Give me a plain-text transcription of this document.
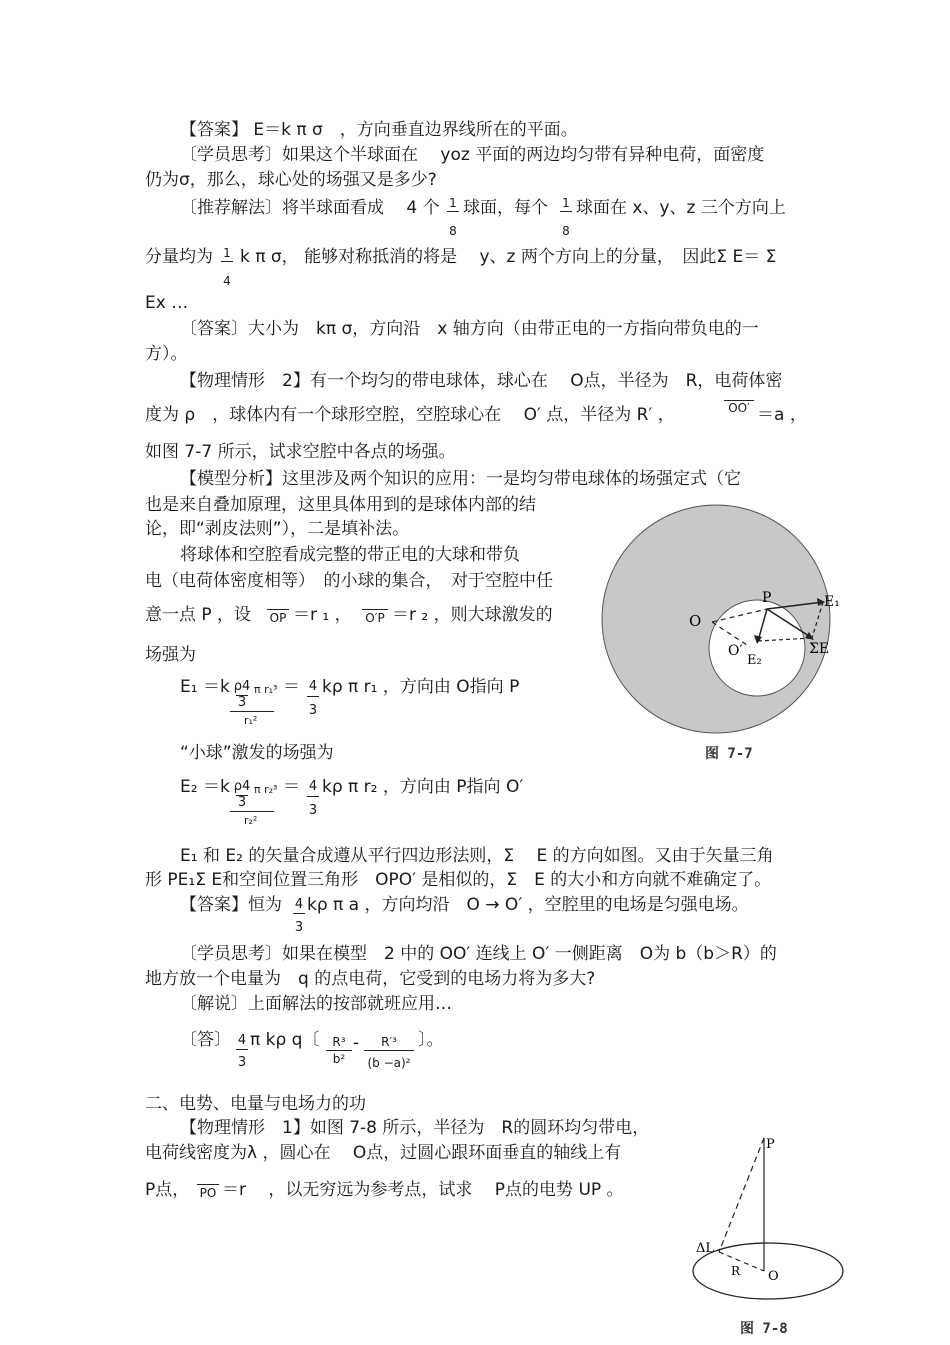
【答案】 E＝k π σ　，方向垂直边界线所在的平面。
〔学员思考〕如果这个半球面在　 yoz 平面的两边均匀带有异种电荷，面密度
仍为σ，那么，球心处的场强又是多少?
〔推荐解法〕将半球面看成　 4 个 1
8
球面，每个 1
8
球面在 x、y、z 三个方向上
分量均为 1
4
k π σ， 能够对称抵消的将是　 y、z 两个方向上的分量，　因此Σ E＝ Σ
Ex …
〔答案〕大小为　kπ σ，方向沿　x 轴方向（由带正电的一方指向带负电的一
方）。
【物理情形　2】有一个均匀的带电球体，球心在　 O点，半径为　R，电荷体密
度为 ρ　，球体内有一个球形空腔，空腔球心在　 O′ 点，半径为 R′ ，	OO′ ＝a ，
如图 7-7 所示，试求空腔中各点的场强。
【模型分析】这里涉及两个知识的应用：一是均匀带电球体的场强定式（它
也是来自叠加原理，这里具体用到的是球体内部的结
论，即“剥皮法则”），二是填补法。
将球体和空腔看成完整的带正电的大球和带负
电（电荷体密度相等）　的小球的集合，　对于空腔中任
意一点 P ，设	OP ＝r ₁ ，	O′P ＝r ₂ ，则大球激发的
场强为
E₁ ＝k ρ4 π r₁³
3
r₁²
＝ 4
3
kρ π r₁ ，方向由 O指向 P
“小球”激发的场强为
E₂ ＝k ρ4 π r₂³
3
r₂²
＝ 4
3
kρ π r₂ ，方向由 P指向 O′
E₁ 和 E₂ 的矢量合成遵从平行四边形法则，Σ　 E 的方向如图。又由于矢量三角
形 PE₁Σ E和空间位置三角形　OPO′ 是相似的，Σ　E 的大小和方向就不难确定了。
【答案】恒为 4
3
kρ π a ，方向均沿　O → O′ ，空腔里的电场是匀强电场。
〔学员思考〕如果在模型　2 中的 OO′ 连线上 O′ 一侧距离　O为 b（b＞R）的
地方放一个电量为　q 的点电荷，它受到的电场力将为多大?
〔解说〕上面解法的按部就班应用…
〔答〕 4
3
π kρ q〔	R³
b²
-	R′³
(b −a)²
〕。
二、电势、电量与电场力的功
【物理情形　1】如图 7-8 所示，半径为　R的圆环均匀带电，
电荷线密度为λ ，圆心在　 O点，过圆心跟环面垂直的轴线上有
P点， PO ＝r　 ，以无穷远为参考点，试求　 P点的电势 UP 。
O
P	E₁
O′
E₂
ΣE
图 7-7
P
ΔL
R O
图 7-8
